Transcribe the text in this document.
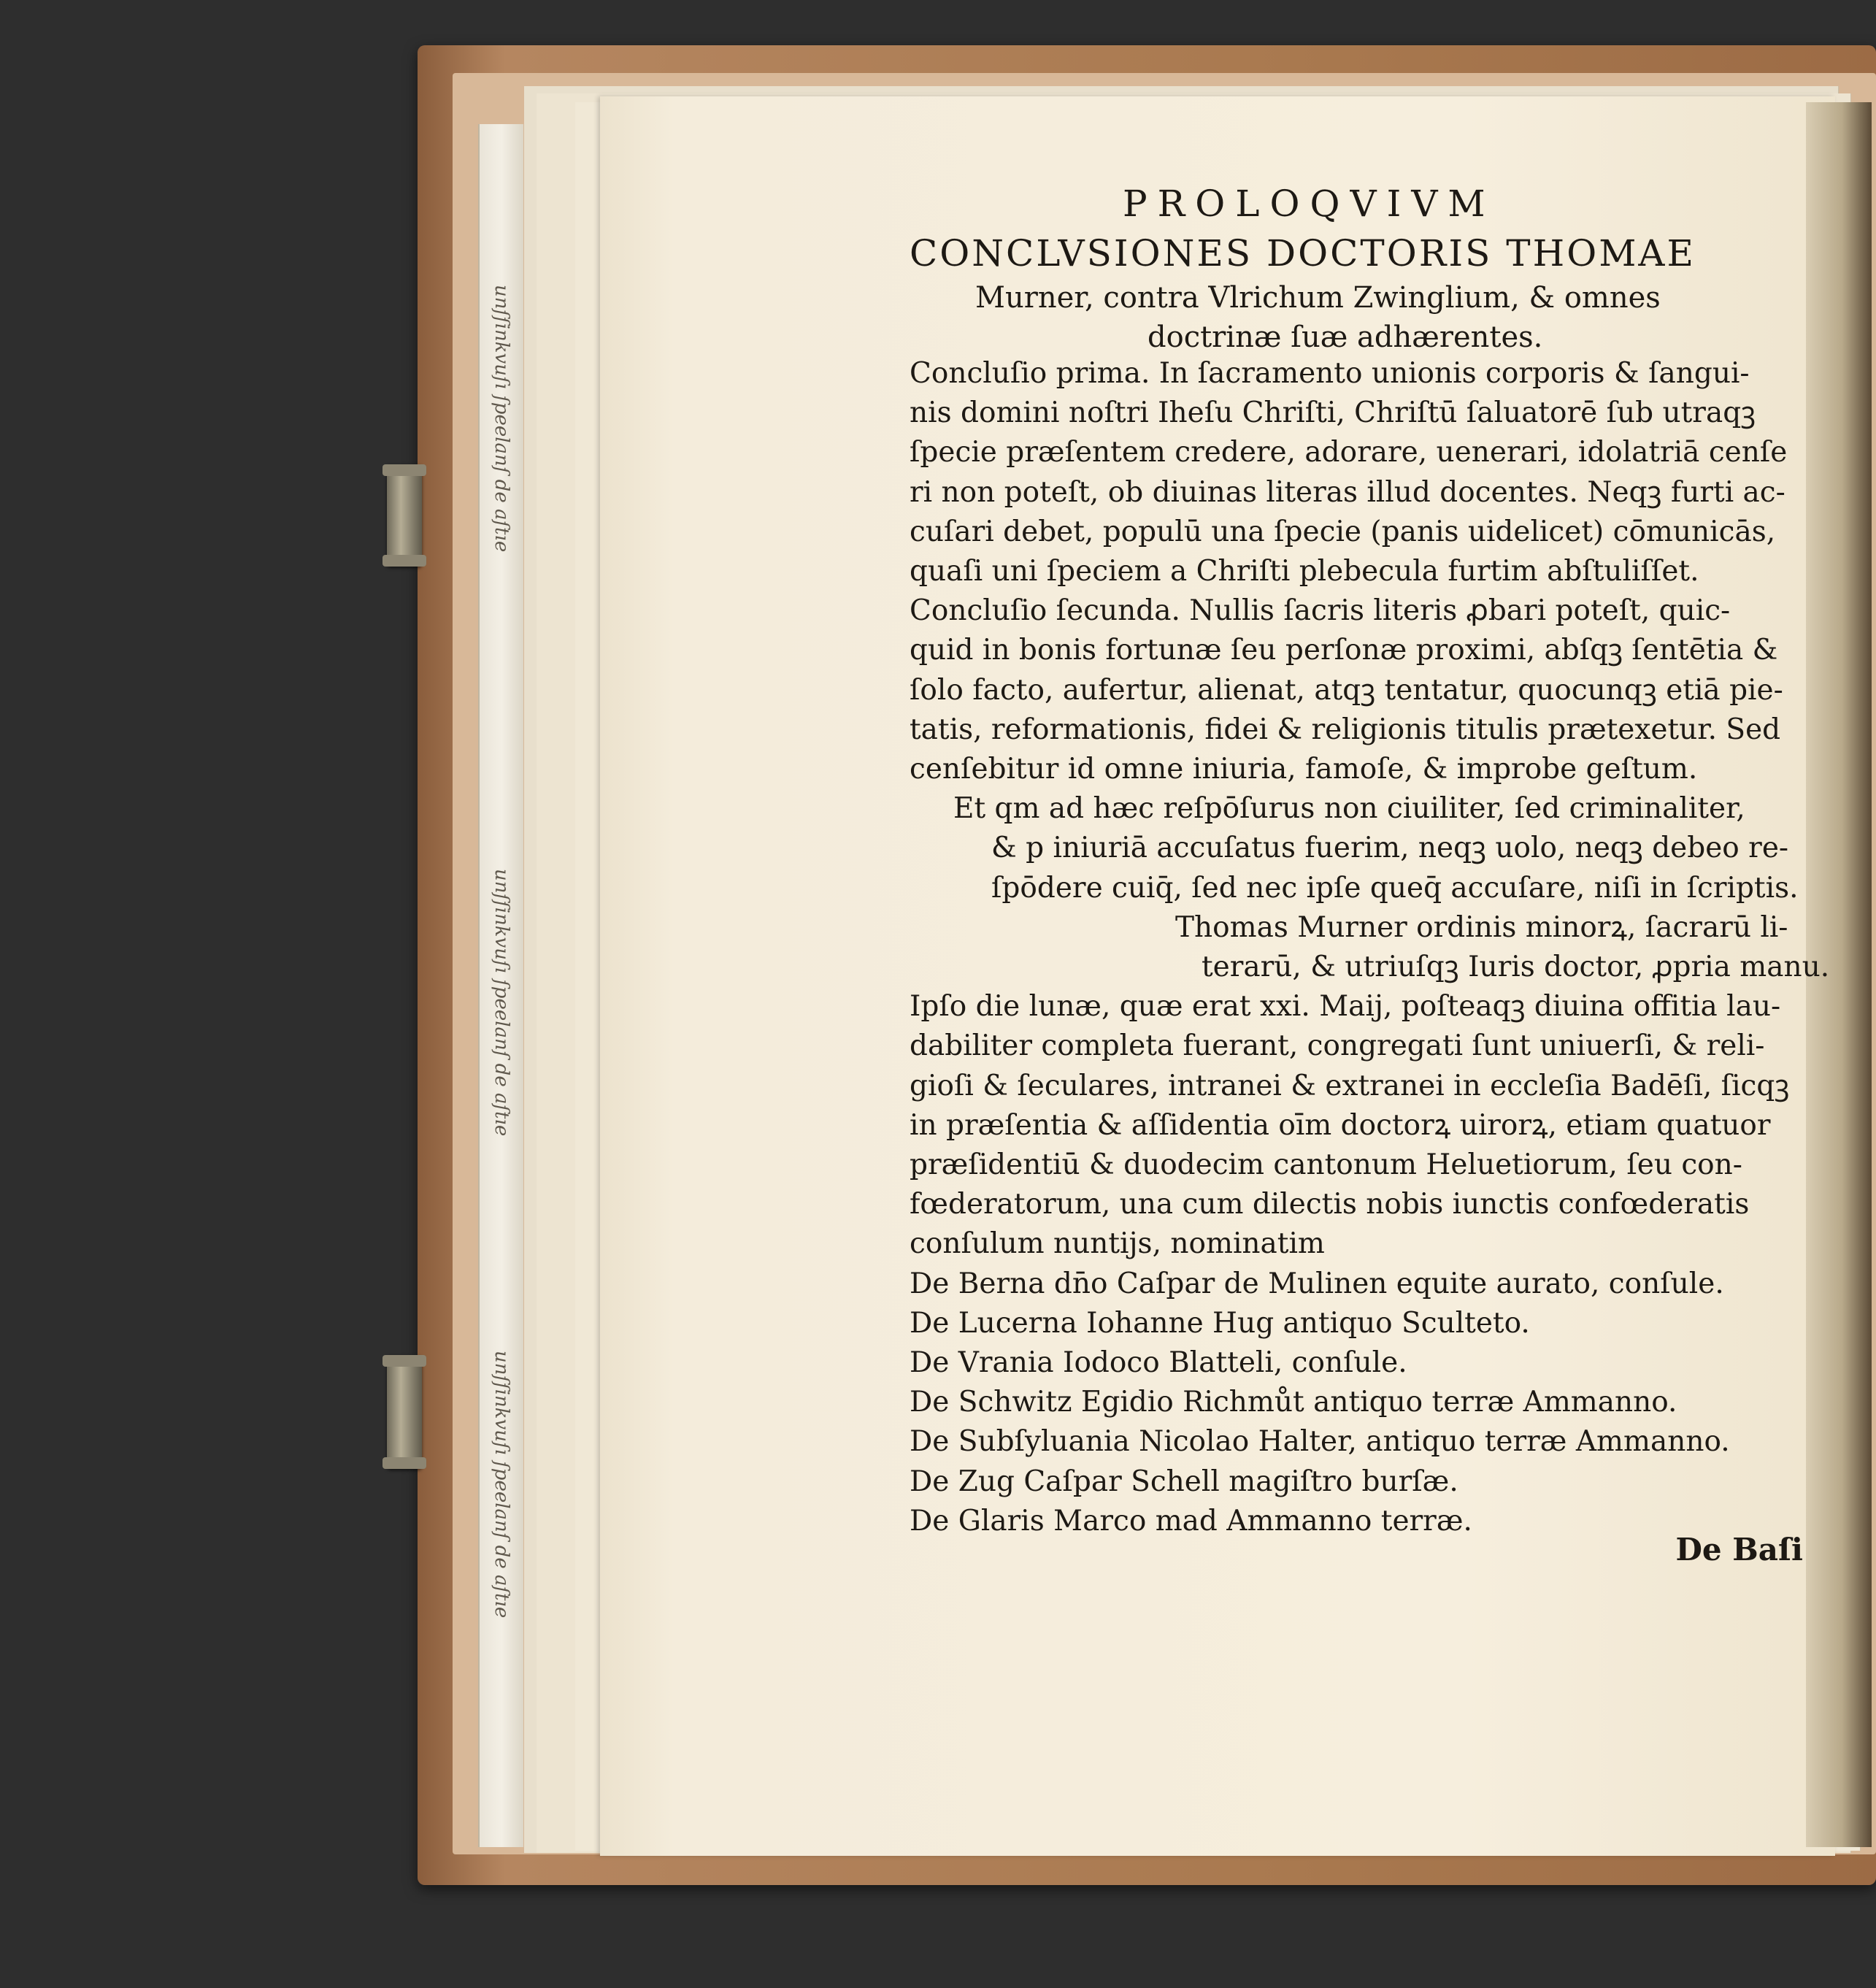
unſſinkvuſı ſpeelanſ de aſtıe
unſſinkvuſı ſpeelanſ de aſtıe
unſſinkvuſı ſpeelanſ de aſtıe
PROLOQVIVM
CONCLVSIONES DOCTORIS THOMAE
Murner, contra Vlrichum Zwinglium, & omnes
doctrinæ ſuæ adhærentes.
Concluſio prima. In ſacramento unionis corporis & ſangui-
nis domini noſtri Iheſu Chriſti, Chriſtū ſaluatorē ſub utraqꝫ
ſpecie præſentem credere, adorare, uenerari, idolatriā cenſe
ri non poteſt, ob diuinas literas illud docentes. Neqꝫ furti ac-
cuſari debet, populū una ſpecie (panis uidelicet) cōmunicās,
quaſi uni ſpeciem a Chriſti plebecula furtim abſtuliſſet.
Concluſio ſecunda. Nullis ſacris literis ꝓbari poteſt, quic-
quid in bonis fortunæ ſeu perſonæ proximi, abſqꝫ ſentētia &
ſolo facto, aufertur, alienat, atqꝫ tentatur, quocunqꝫ etiā pie-
tatis, reformationis, fidei & religionis titulis prætexetur. Sed
cenſebitur id omne iniuria, famoſe, & improbe geſtum.
Et qm ad hæc reſpōſurus non ciuiliter, ſed criminaliter,
& p iniuriā accuſatus fuerim, neqꝫ uolo, neqꝫ debeo re-
ſpōdere cuiq̄, ſed nec ipſe queq̄ accuſare, niſi in ſcriptis.
Thomas Murner ordinis minorꝝ, ſacrarū li-
terarū, & utriuſqꝫ Iuris doctor, ꝓpria manu.
Ipſo die lunæ, quæ erat xxi. Maij, poſteaqꝫ diuina offitia lau-
dabiliter completa fuerant, congregati ſunt uniuerſi, & reli-
gioſi & ſeculares, intranei & extranei in eccleſia Badēſi, ſicqꝫ
in præſentia & aſſidentia oīm doctorꝝ uirorꝝ, etiam quatuor
præſidentiū & duodecim cantonum Heluetiorum, ſeu con-
fœderatorum, una cum dilectis nobis iunctis confœderatis
conſulum nuntijs, nominatim
De Berna dn̄o Caſpar de Mulinen equite aurato, conſule.
De Lucerna Iohanne Hug antiquo Sculteto.
De Vrania Iodoco Blatteli, conſule.
De Schwitz Egidio Richmůt antiquo terræ Ammanno.
De Subſyluania Nicolao Halter, antiquo terræ Ammanno.
De Zug Caſpar Schell magiſtro burſæ.
De Glaris Marco mad Ammanno terræ.
De Baſi
